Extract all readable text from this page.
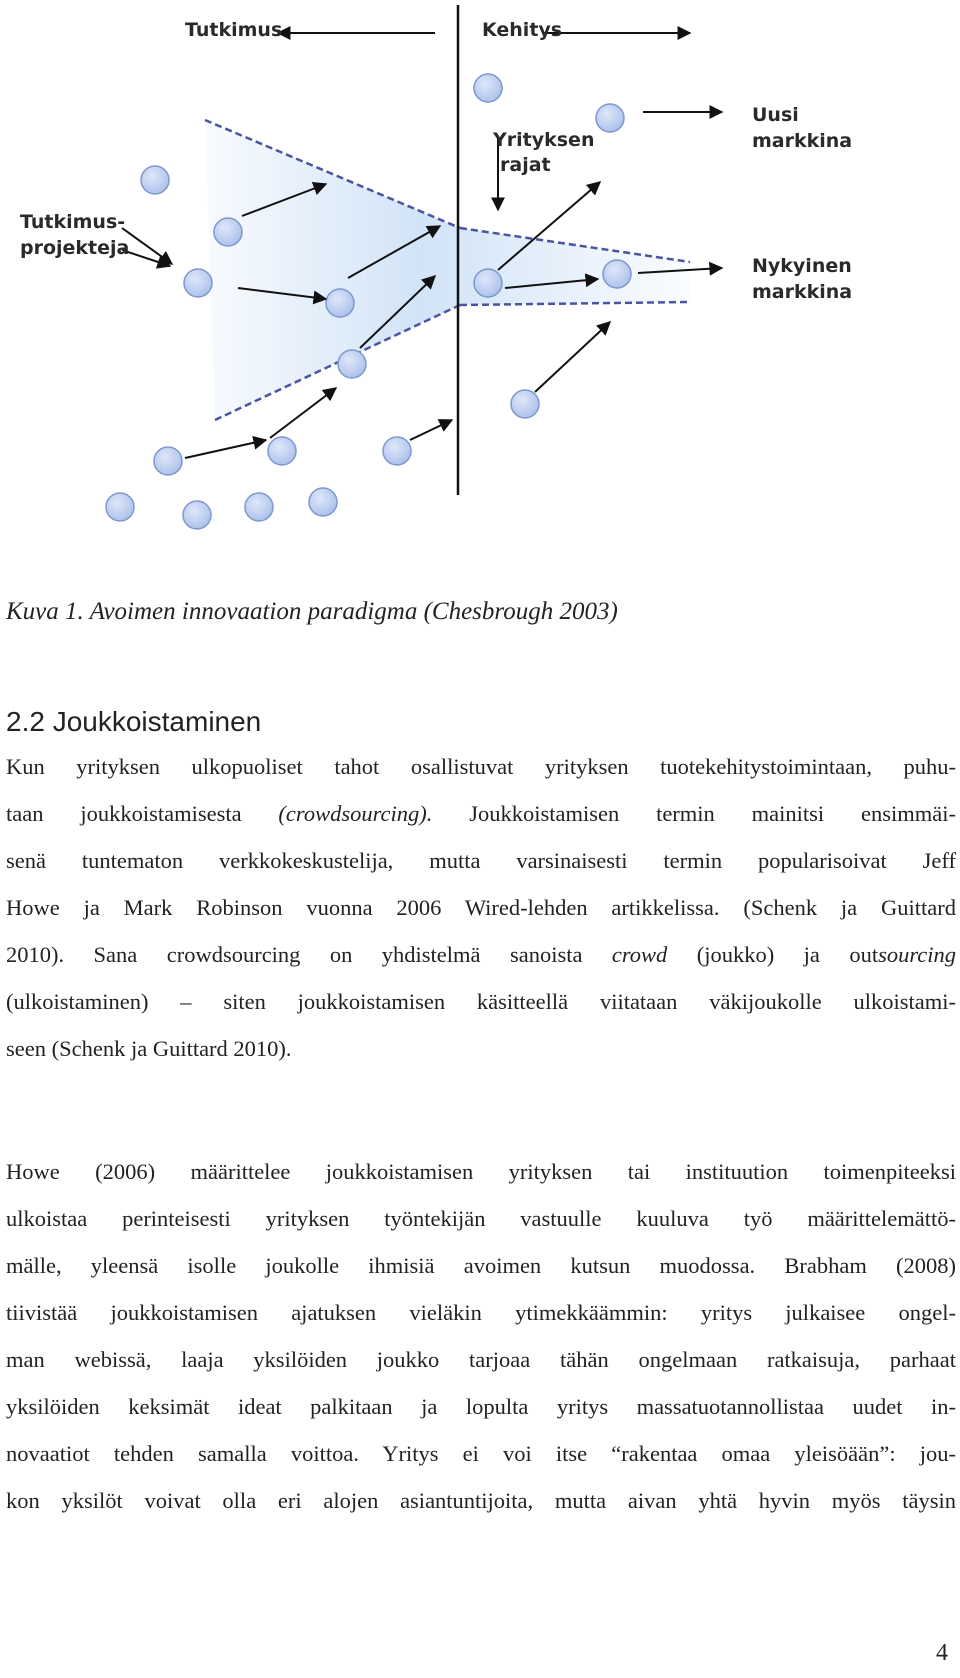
Tutkimus	Kehitys
Yrityksen
rajat
Uusi
markkina
Tutkimus-
projekteja
Nykyinen
markkina

Kuva 1. Avoimen innovaation paradigma (Chesbrough 2003)

2.2 Joukkoistaminen
Kun yrityksen ulkopuoliset tahot osallistuvat yrityksen tuotekehitystoimintaan, puhu-
taan joukkoistamisesta (crowdsourcing). Joukkoistamisen termin mainitsi ensimmäi-
senä tuntematon verkkokeskustelija, mutta varsinaisesti termin popularisoivat Jeff
Howe ja Mark Robinson vuonna 2006 Wired-lehden artikkelissa. (Schenk ja Guittard
2010). Sana crowdsourcing on yhdistelmä sanoista crowd (joukko) ja outsourcing
(ulkoistaminen) – siten joukkoistamisen käsitteellä viitataan väkijoukolle ulkoistami-
seen (Schenk ja Guittard 2010).
Howe (2006) määrittelee joukkoistamisen yrityksen tai instituution toimenpiteeksi
ulkoistaa perinteisesti yrityksen työntekijän vastuulle kuuluva työ määrittelemättö-
mälle, yleensä isolle joukolle ihmisiä avoimen kutsun muodossa. Brabham (2008)
tiivistää joukkoistamisen ajatuksen vieläkin ytimekkäämmin: yritys julkaisee ongel-
man webissä, laaja yksilöiden joukko tarjoaa tähän ongelmaan ratkaisuja, parhaat
yksilöiden keksimät ideat palkitaan ja lopulta yritys massatuotannollistaa uudet in-
novaatiot tehden samalla voittoa. Yritys ei voi itse “rakentaa omaa yleisöään”: jou-
kon yksilöt voivat olla eri alojen asiantuntijoita, mutta aivan yhtä hyvin myös täysin
4
